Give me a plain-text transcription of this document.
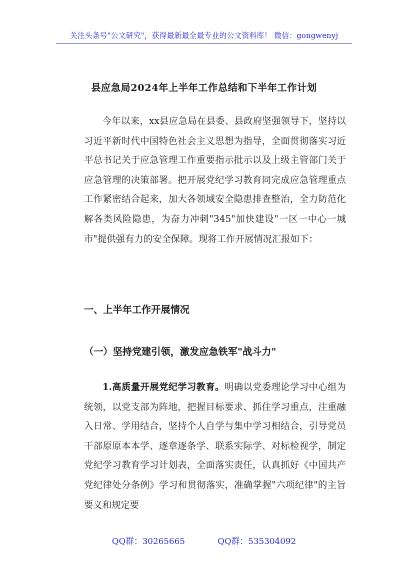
关注头条号"公文研究"，获得最新最全最专业的公文资料库！ 微信：gongwenyj
县应急局2024年上半年工作总结和下半年工作计划

今年以来，xx县应急局在县委、县政府坚强领导下，坚持以习近平新时代中国特色社会主义思想为指导，全面贯彻落实习近平总书记关于应急管理工作重要指示批示以及上级主管部门关于应急管理的决策部署。把开展党纪学习教育同完成应急管理重点工作紧密结合起来，加大各领域安全隐患排查整治，全力防范化解各类风险隐患，为奋力冲刺"345"加快建设"一区一中心一城市"提供强有力的安全保障。现将工作开展情况汇报如下：

一、上半年工作开展情况
（一）坚持党建引领，激发应急铁军"战斗力"

1.高质量开展党纪学习教育。明确以党委理论学习中心组为统领，以党支部为阵地，把握目标要求、抓住学习重点，注重融入日常、学用结合，坚持个人自学与集中学习相结合，引导党员干部原原本本学、逐章逐条学、联系实际学、对标检视学，制定党纪学习教育学习计划表，全面落实责任，认真抓好《中国共产党纪律处分条例》学习和贯彻落实，准确掌握"六项纪律"的主旨要义和规定要

QQ群：30265665	QQ群：535304092
